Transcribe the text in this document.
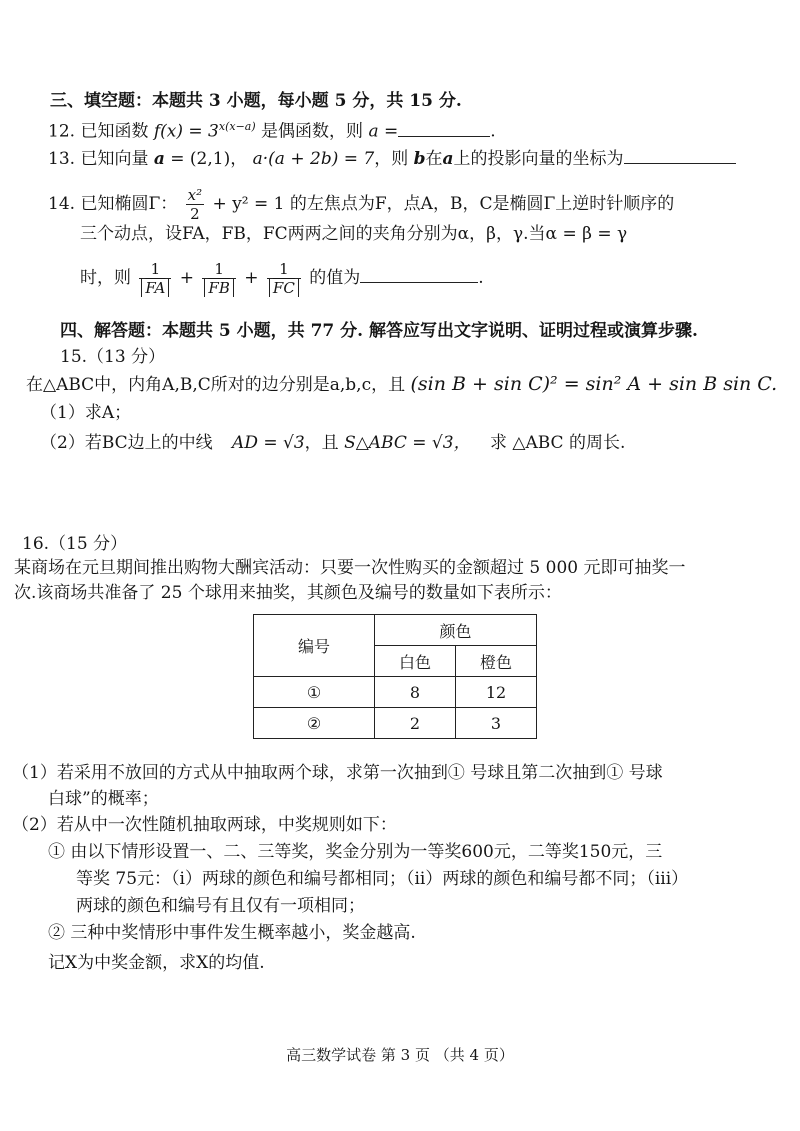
三、填空题：本题共 3 小题，每小题 5 分，共 15 分.
12. 已知函数 $f(x) = 3^{x(x-a)}$ 是偶函数，则 a =	.
13. 已知向量 a = (2,1)， a·(a + 2b) = 7，则 b在a上的投影向量的坐标为
14. 已知椭圆Γ： $\frac{\text{x²}}{2} + y^2 = 1$ 的左焦点为F，点A，B，C是椭圆Γ上逆时针顺序的
三个动点，设FA，FB，FC两两之间的夹角分别为α，β，γ.当α = β = γ
时，则 $\frac{1}{FA} + \frac{1}{FB} + \frac{1}{FC}$ 的值为	.
四、解答题：本题共 5 小题，共 77 分. 解答应写出文字说明、证明过程或演算步骤.
15.（13 分）
在△ABC中，内角A,B,C所对的边分别是a,b,c，且 (sin B + sin C)² = sin² A + sin B sin C.
（1）求A；
（2）若BC边上的中线 AD = √3，且 S△ABC = √3， 求 △ABC 的周长.
16.（15 分）
某商场在元旦期间推出购物大酬宾活动：只要一次性购买的金额超过 5 000 元即可抽奖一
次.该商场共准备了 25 个球用来抽奖，其颜色及编号的数量如下表所示：
编号	颜色	
	白色	橙色
①	8	12
②	2	3
（1）若采用不放回的方式从中抽取两个球，求第一次抽到① 号球且第二次抽到① 号球
白球”的概率；
（2）若从中一次性随机抽取两球，中奖规则如下：
① 由以下情形设置一、二、三等奖，奖金分别为一等奖600元，二等奖150元，三
等奖 75元：（i）两球的颜色和编号都相同；（ii）两球的颜色和编号都不同；（iii）
两球的颜色和编号有且仅有一项相同；
② 三种中奖情形中事件发生概率越小，奖金越高.
记X为中奖金额，求X的均值.
高三数学试卷 第 3 页 （共 4 页）
